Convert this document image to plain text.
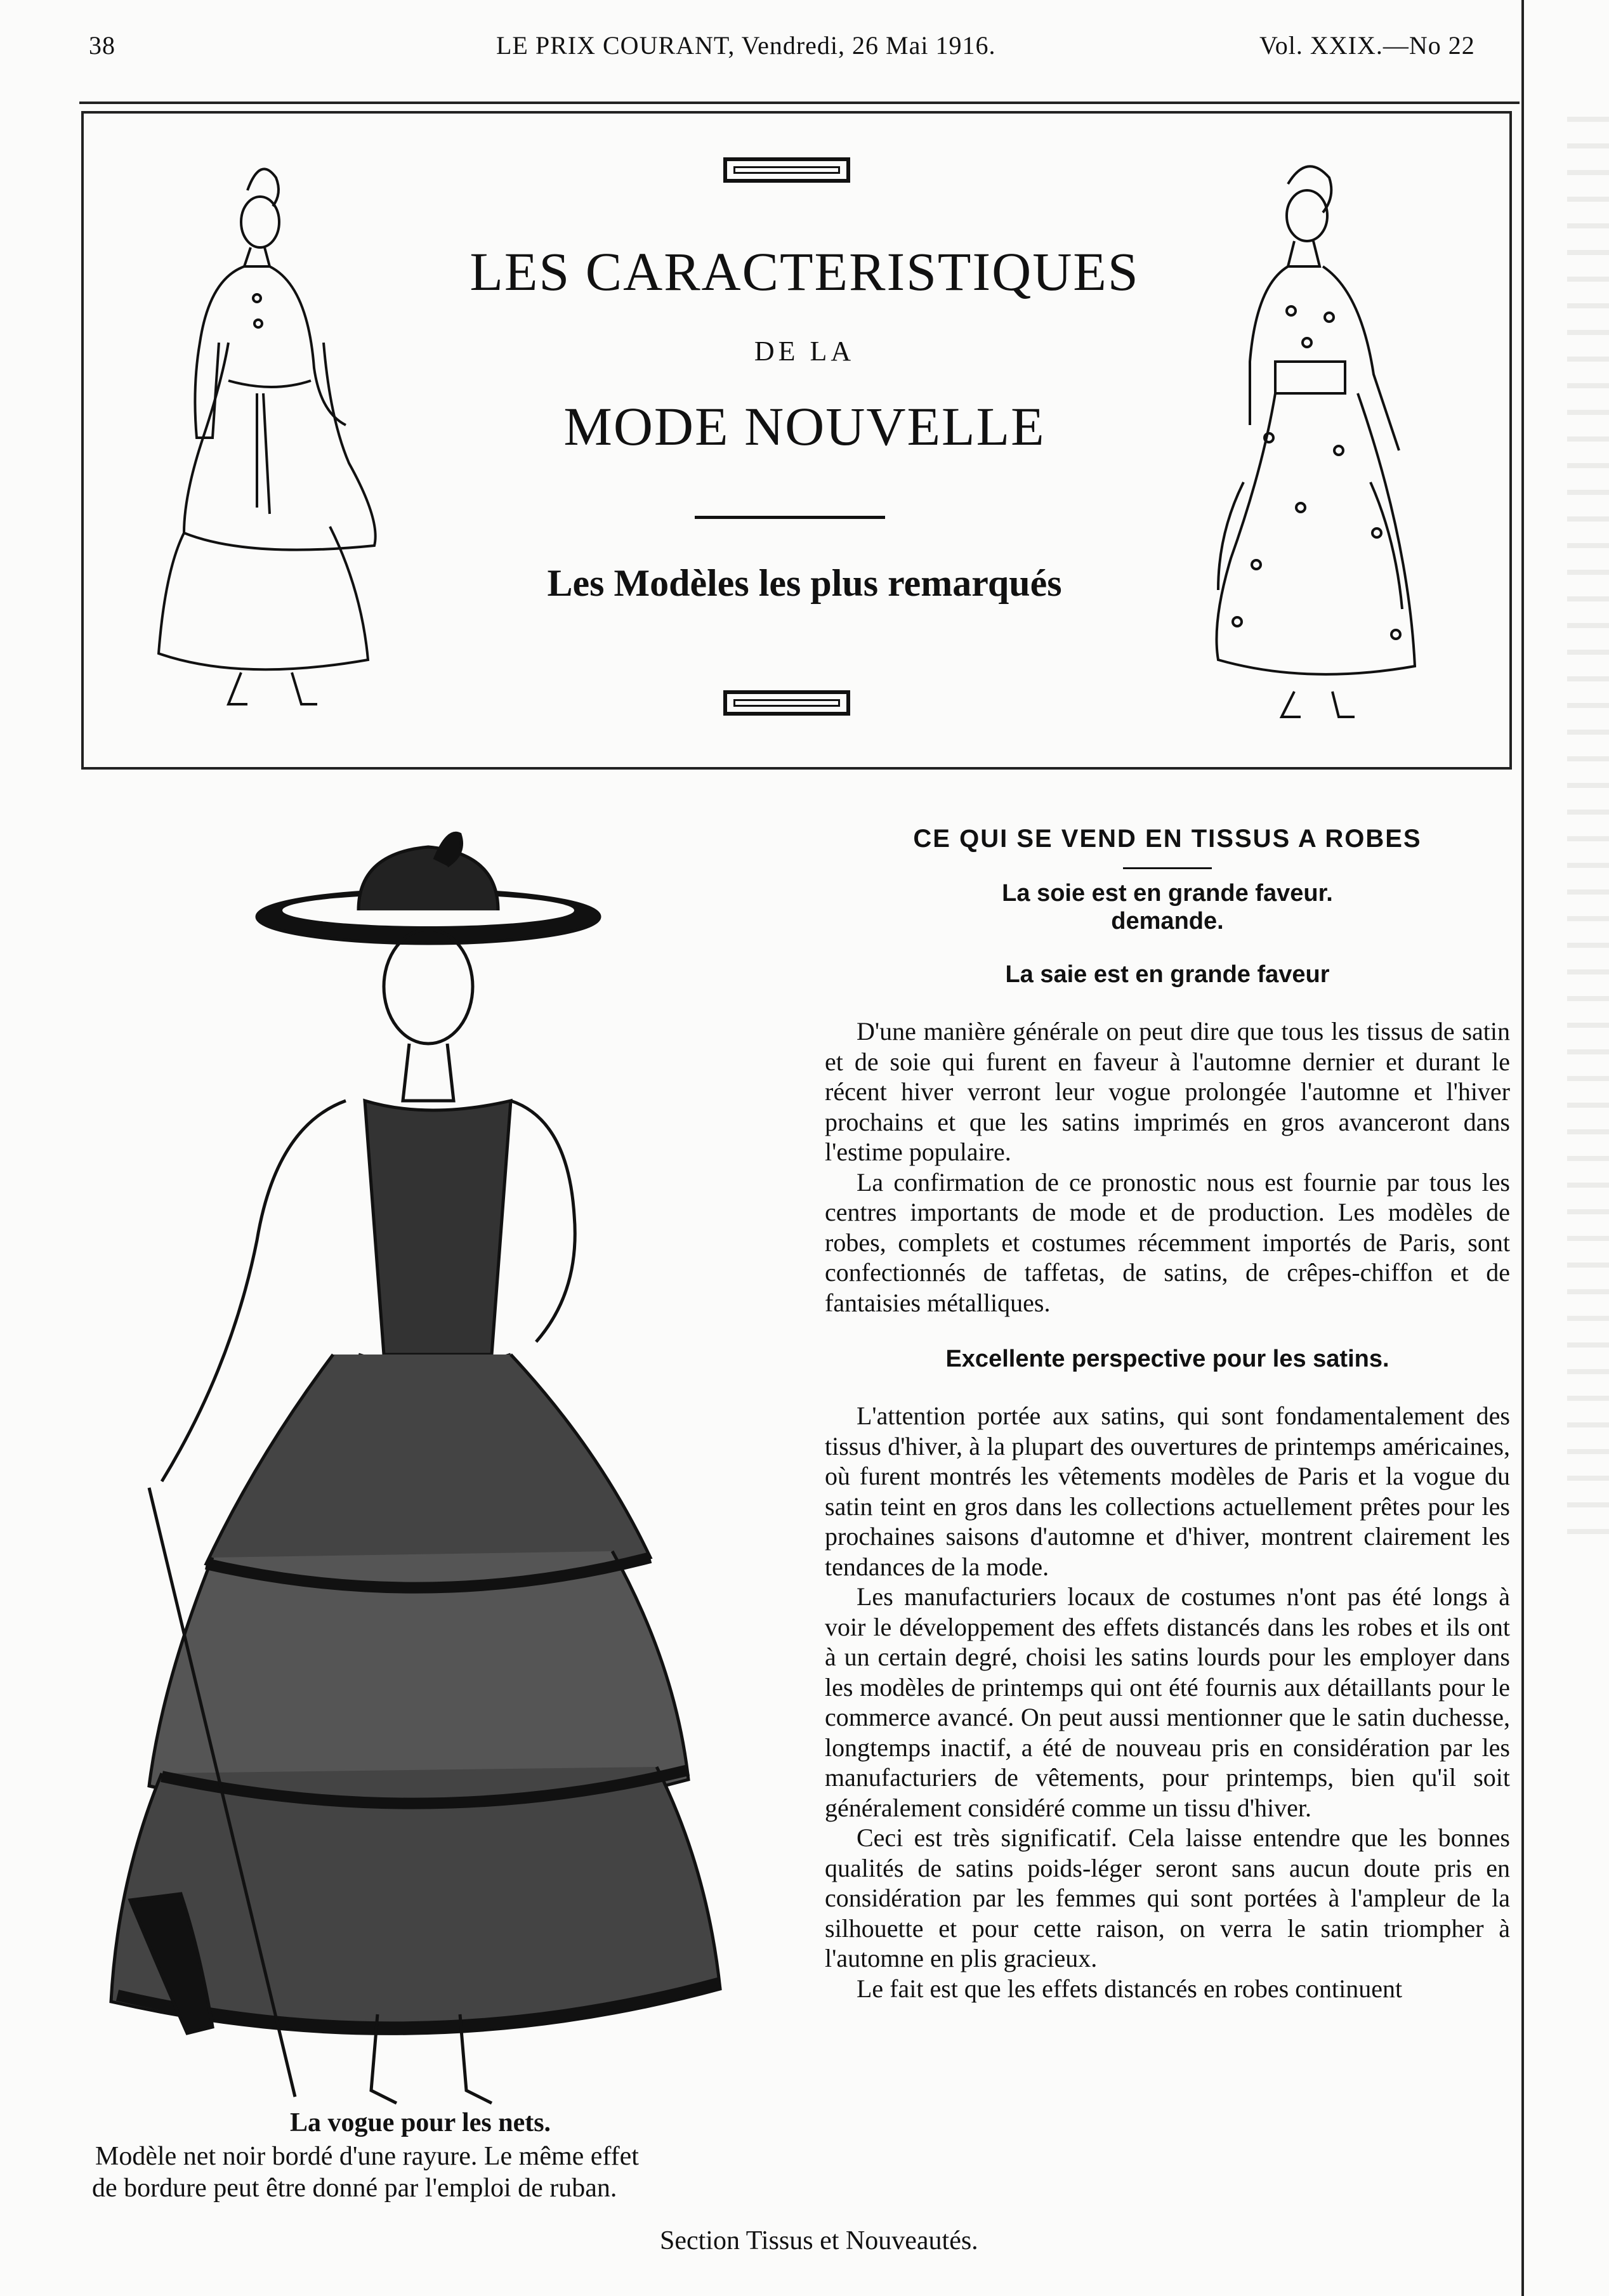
38	LE PRIX COURANT, Vendredi, 26 Mai 1916.	Vol. XXIX.—No 22
LES CARACTERISTIQUES
DE LA
MODE NOUVELLE
Les Modèles les plus remarqués
La vogue pour les nets.
Modèle net noir bordé d'une rayure. Le même effet
de bordure peut être donné par l'emploi de ruban.
CE QUI SE VEND EN TISSUS A ROBES
La soie est en grande faveur.
demande.
La saie est en grande faveur

D'une manière générale on peut dire que tous les tissus de satin et de soie qui furent en faveur à l'automne dernier et durant le récent hiver verront leur vogue prolongée l'automne et l'hiver prochains et que les satins imprimés en gros avanceront dans l'estime populaire.

La confirmation de ce pronostic nous est fournie par tous les centres importants de mode et de production. Les modèles de robes, complets et costumes récemment importés de Paris, sont confectionnés de taffetas, de satins, de crêpes-chiffon et de fantaisies métalliques.

Excellente perspective pour les satins.

L'attention portée aux satins, qui sont fondamentalement des tissus d'hiver, à la plupart des ouvertures de printemps américaines, où furent montrés les vêtements modèles de Paris et la vogue du satin teint en gros dans les collections actuellement prêtes pour les prochaines saisons d'automne et d'hiver, montrent clairement les tendances de la mode.

Les manufacturiers locaux de costumes n'ont pas été longs à voir le développement des effets distancés dans les robes et ils ont à un certain degré, choisi les satins lourds pour les employer dans les modèles de printemps qui ont été fournis aux détaillants pour le commerce avancé. On peut aussi mentionner que le satin duchesse, longtemps inactif, a été de nouveau pris en considération par les manufacturiers de vêtements, pour printemps, bien qu'il soit généralement considéré comme un tissu d'hiver.

Ceci est très significatif. Cela laisse entendre que les bonnes qualités de satins poids-léger seront sans aucun doute pris en considération par les femmes qui sont portées à l'ampleur de la silhouette et pour cette raison, on verra le satin triompher à l'automne en plis gracieux.

Le fait est que les effets distancés en robes continuent

Section Tissus et Nouveautés.
